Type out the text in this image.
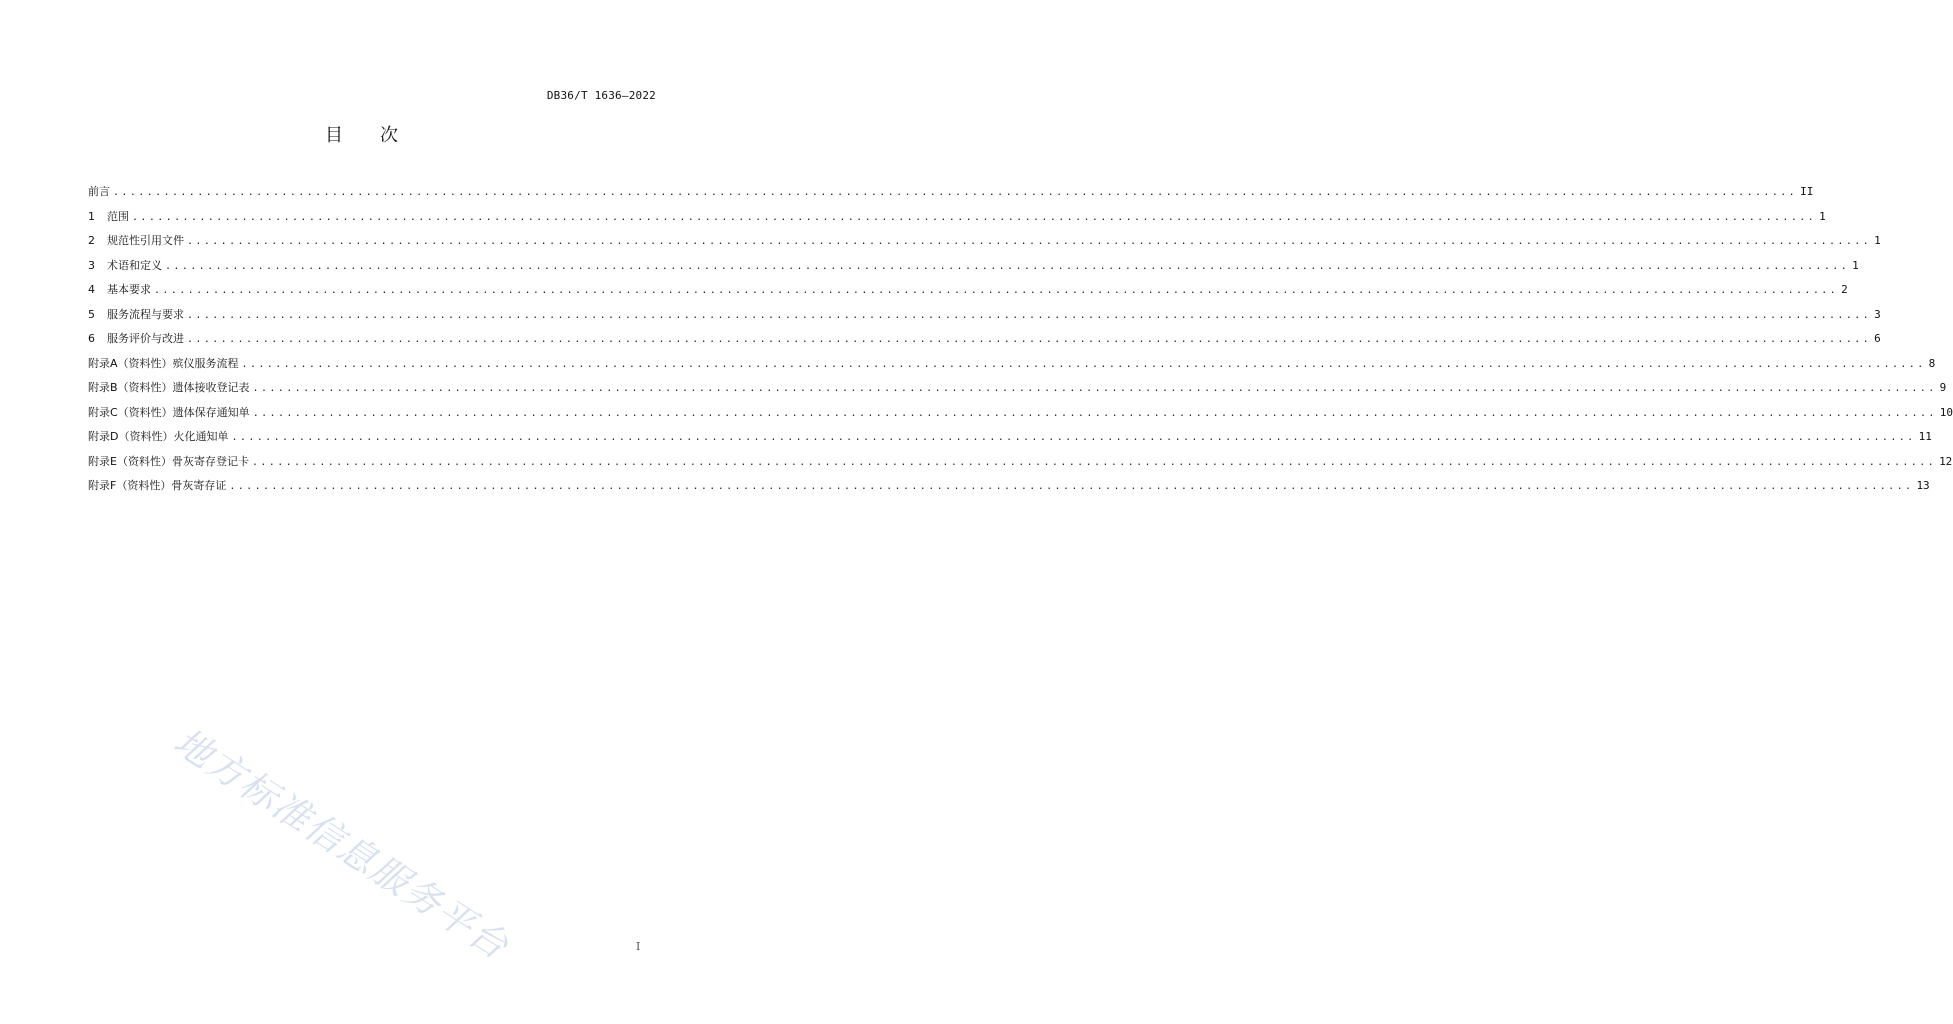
DB36/T 1636—2022
目 次
前言 ........................................................................................................................................................................................................ II
1	范围 ........................................................................................................................................................................................................ 1
2	规范性引用文件 ........................................................................................................................................................................................................ 1
3	术语和定义 ........................................................................................................................................................................................................ 1
4	基本要求 ........................................................................................................................................................................................................ 2
5	服务流程与要求 ........................................................................................................................................................................................................ 3
6	服务评价与改进 ........................................................................................................................................................................................................ 6
附录A（资料性）殡仪服务流程 ........................................................................................................................................................................................................ 8
附录B（资料性）遗体接收登记表 ........................................................................................................................................................................................................ 9
附录C（资料性）遗体保存通知单 ........................................................................................................................................................................................................ 10
附录D（资料性）火化通知单 ........................................................................................................................................................................................................ 11
附录E（资料性）骨灰寄存登记卡 ........................................................................................................................................................................................................ 12
附录F（资料性）骨灰寄存证 ........................................................................................................................................................................................................ 13
地方标准信息服务平台	I
